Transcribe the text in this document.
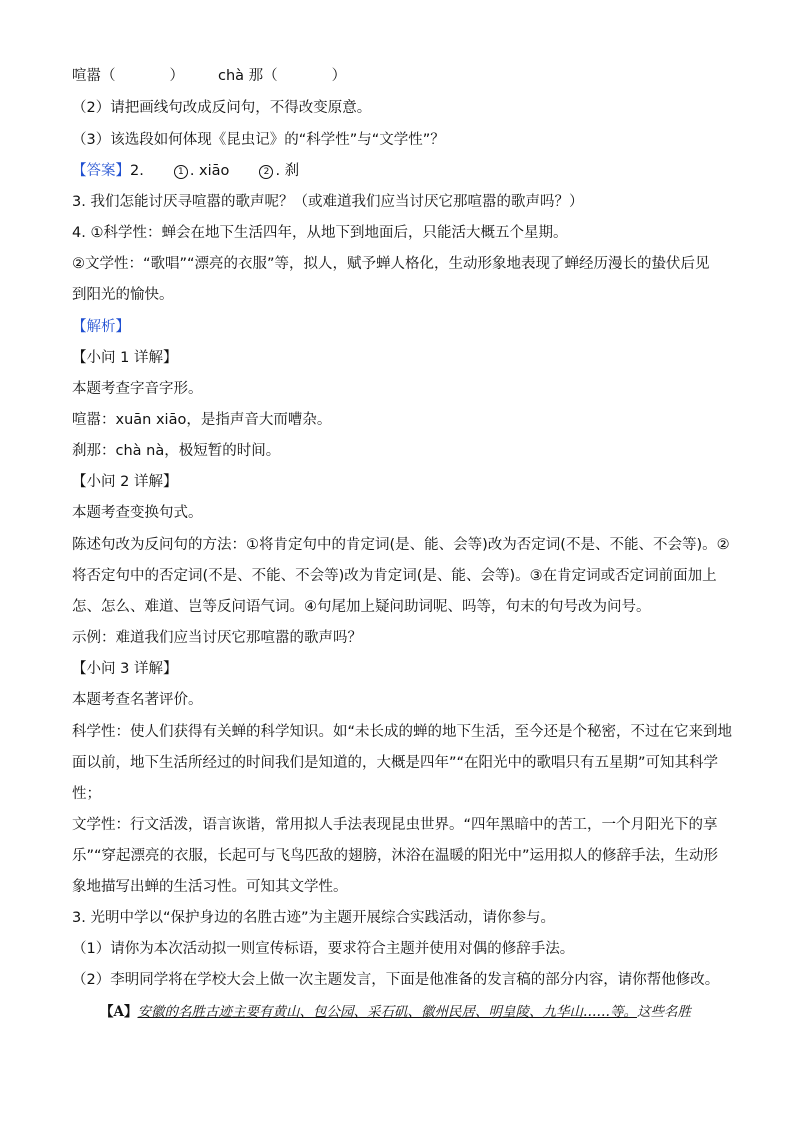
喧嚣（	） chà 那（	）
（2）请把画线句改成反问句，不得改变原意。
（3）该选段如何体现《昆虫记》的“科学性”与“文学性”？
【答案】2.	1 . xiāo	2 . 刹
3. 我们怎能讨厌寻喧嚣的歌声呢？（或难道我们应当讨厌它那喧嚣的歌声吗？）
4. ①科学性：蝉会在地下生活四年，从地下到地面后，只能活大概五个星期。
②文学性：“歌唱”“漂亮的衣服”等，拟人，赋予蝉人格化，生动形象地表现了蝉经历漫长的蛰伏后见
到阳光的愉快。
【解析】
【小问 1 详解】
本题考查字音字形。
喧嚣：xuān xiāo，是指声音大而嘈杂。
刹那：chà nà，极短暂的时间。
【小问 2 详解】
本题考查变换句式。
陈述句改为反问句的方法：①将肯定句中的肯定词(是、能、会等)改为否定词(不是、不能、不会等)。②
将否定句中的否定词(不是、不能、不会等)改为肯定词(是、能、会等)。③在肯定词或否定词前面加上
怎、怎么、难道、岂等反问语气词。④句尾加上疑问助词呢、吗等，句末的句号改为问号。
示例：难道我们应当讨厌它那喧嚣的歌声吗？
【小问 3 详解】
本题考查名著评价。
科学性：使人们获得有关蝉的科学知识。如“未长成的蝉的地下生活，至今还是个秘密，不过在它来到地
面以前，地下生活所经过的时间我们是知道的，大概是四年”“在阳光中的歌唱只有五星期”可知其科学
性；
文学性：行文活泼，语言诙谐，常用拟人手法表现昆虫世界。“四年黑暗中的苦工，一个月阳光下的享
乐”“穿起漂亮的衣服，长起可与飞鸟匹敌的翅膀，沐浴在温暖的阳光中”运用拟人的修辞手法，生动形
象地描写出蝉的生活习性。可知其文学性。
3. 光明中学以“保护身边的名胜古迹”为主题开展综合实践活动，请你参与。
（1）请你为本次活动拟一则宣传标语，要求符合主题并使用对偶的修辞手法。
（2）李明同学将在学校大会上做一次主题发言，下面是他准备的发言稿的部分内容，请你帮他修改。
【A】安徽的名胜古迹主要有黄山、包公园、采石矶、徽州民居、明皇陵、九华山……等。这些名胜
